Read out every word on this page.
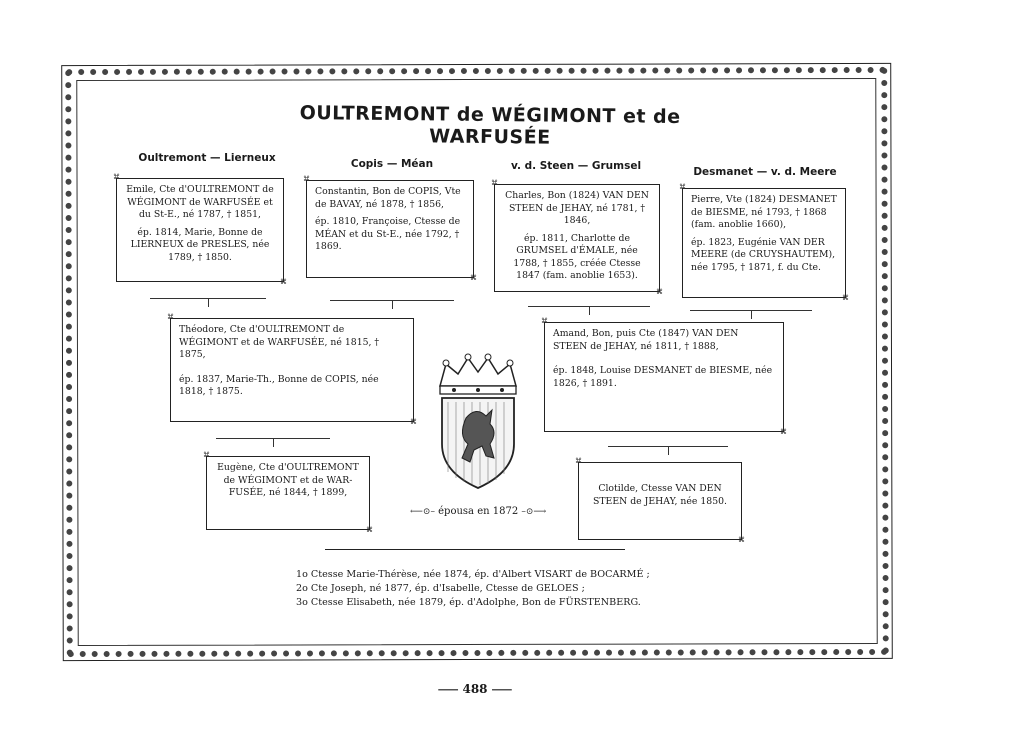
OULTREMONT de WÉGIMONT et de WARFUSÉE
Oultremont — Lierneux	Copis — Méan	v. d. Steen — Grumsel	Desmanet — v. d. Meere

⌘ Emile, Cte d'OULTREMONT de WÉGIMONT de WARFUSÉE et du St-E., né 1787, † 1851,

ép. 1814, Marie, Bonne de LIERNEUX de PRESLES, née 1789, † 1850.

⌘

⌘ Constantin, Bon de COPIS, Vte de BAVAY, né 1878, † 1856,

ép. 1810, Françoise, Ctesse de MÉAN et du St-E., née 1792, † 1869.

⌘

⌘ Charles, Bon (1824) VAN DEN STEEN de JEHAY, né 1781, † 1846,

ép. 1811, Charlotte de GRUMSEL d'ÉMALE, née 1788, † 1855, créée Ctesse 1847 (fam. anoblie 1653).

⌘

⌘ Pierre, Vte (1824) DESMANET de BIESME, né 1793, † 1868 (fam. anoblie 1660),

ép. 1823, Eugénie VAN DER MEERE (de CRUYSHAUTEM), née 1795, † 1871, f. du Cte.

⌘

⌘ Théodore, Cte d'OULTREMONT de WÉGIMONT et de WARFUSÉE, né 1815, † 1875,

ép. 1837, Marie-Th., Bonne de COPIS, née 1818, † 1875.

⌘

⌘ Amand, Bon, puis Cte (1847) VAN DEN STEEN de JEHAY, né 1811, † 1888,

ép. 1848, Louise DESMANET de BIESME, née 1826, † 1891.

⌘

⌘ Eugène, Cte d'OULTREMONT de WÉGIMONT et de WAR-FUSÉE, né 1844, † 1899,

⌘

⌘	Clotilde, Ctesse VAN DEN STEEN de JEHAY, née 1850.

⌘
⟵⊙– épousa en 1872 –⊙⟶
1o Ctesse Marie-Thérèse, née 1874, ép. d'Albert VISART de BOCARMÉ ;
2o Cte Joseph, né 1877, ép. d'Isabelle, Ctesse de GELOES ;
3o Ctesse Elisabeth, née 1879, ép. d'Adolphe, Bon de FÜRSTENBERG.
⸺ 488 ⸺
